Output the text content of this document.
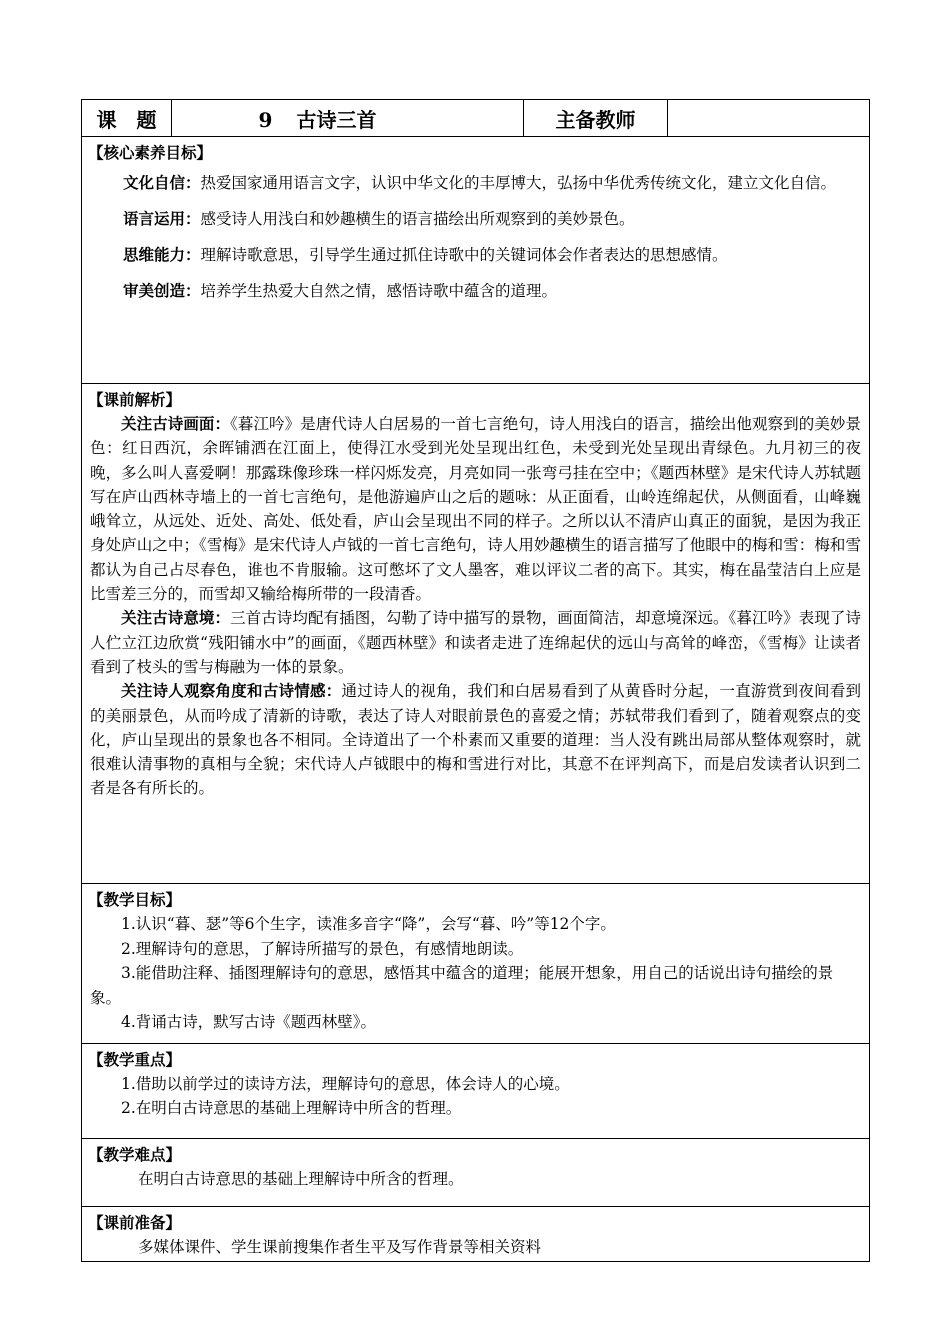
课　题	9 古诗三首	主备教师	

【核心素养目标】

文化自信：热爱国家通用语言文字，认识中华文化的丰厚博大，弘扬中华优秀传统文化，建立文化自信。

语言运用：感受诗人用浅白和妙趣横生的语言描绘出所观察到的美妙景色。

思维能力：理解诗歌意思，引导学生通过抓住诗歌中的关键词体会作者表达的思想感情。

审美创造：培养学生热爱大自然之情，感悟诗歌中蕴含的道理。

【课前解析】

关注古诗画面：《暮江吟》是唐代诗人白居易的一首七言绝句，诗人用浅白的语言，描绘出他观察到的美妙景色：红日西沉，余晖铺洒在江面上，使得江水受到光处呈现出红色，未受到光处呈现出青绿色。九月初三的夜晚，多么叫人喜爱啊！那露珠像珍珠一样闪烁发亮，月亮如同一张弯弓挂在空中；《题西林壁》是宋代诗人苏轼题写在庐山西林寺墙上的一首七言绝句，是他游遍庐山之后的题咏：从正面看，山岭连绵起伏，从侧面看，山峰巍峨耸立，从远处、近处、高处、低处看，庐山会呈现出不同的样子。之所以认不清庐山真正的面貌，是因为我正身处庐山之中；《雪梅》是宋代诗人卢钺的一首七言绝句，诗人用妙趣横生的语言描写了他眼中的梅和雪：梅和雪都认为自己占尽春色，谁也不肯服输。这可憋坏了文人墨客，难以评议二者的高下。其实，梅在晶莹洁白上应是比雪差三分的，而雪却又输给梅所带的一段清香。

关注古诗意境：三首古诗均配有插图，勾勒了诗中描写的景物，画面简洁，却意境深远。《暮江吟》表现了诗人伫立江边欣赏“残阳铺水中”的画面，《题西林壁》和读者走进了连绵起伏的远山与高耸的峰峦，《雪梅》让读者看到了枝头的雪与梅融为一体的景象。

关注诗人观察角度和古诗情感：通过诗人的视角，我们和白居易看到了从黄昏时分起，一直游赏到夜间看到的美丽景色，从而吟成了清新的诗歌，表达了诗人对眼前景色的喜爱之情；苏轼带我们看到了，随着观察点的变化，庐山呈现出的景象也各不相同。全诗道出了一个朴素而又重要的道理：当人没有跳出局部从整体观察时，就很难认清事物的真相与全貌；宋代诗人卢钺眼中的梅和雪进行对比，其意不在评判高下，而是启发读者认识到二者是各有所长的。

【教学目标】

1.认识“暮、瑟”等6个生字，读准多音字“降”，会写“暮、吟”等12个字。

2.理解诗句的意思，了解诗所描写的景色，有感情地朗读。

3.能借助注释、插图理解诗句的意思，感悟其中蕴含的道理；能展开想象，用自己的话说出诗句描绘的景象。

4.背诵古诗，默写古诗《题西林壁》。

【教学重点】

1.借助以前学过的读诗方法，理解诗句的意思，体会诗人的心境。

2.在明白古诗意思的基础上理解诗中所含的哲理。

【教学难点】

在明白古诗意思的基础上理解诗中所含的哲理。

【课前准备】

多媒体课件、学生课前搜集作者生平及写作背景等相关资料
